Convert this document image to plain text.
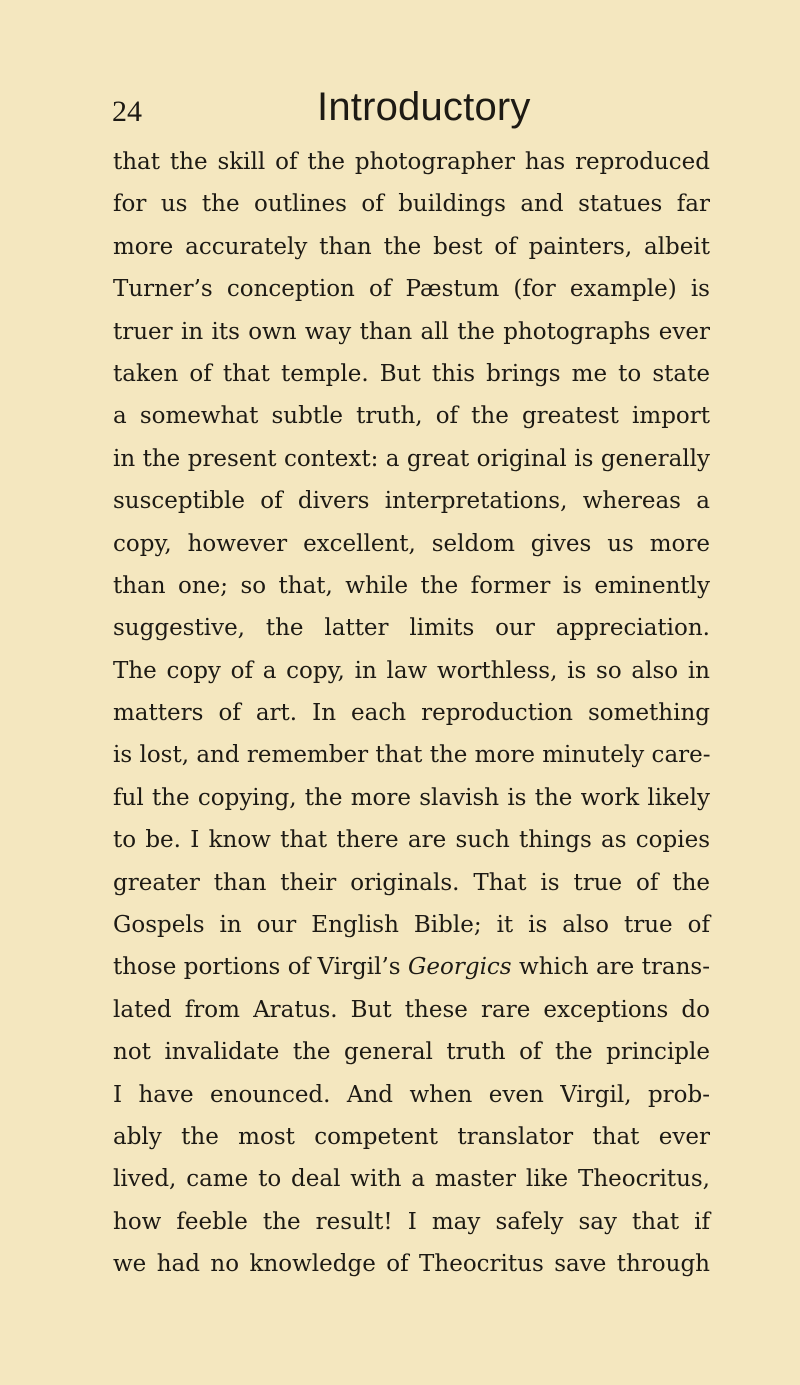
24	Introductory
that the skill of the photographer has reproduced
for us the outlines of buildings and statues far
more accurately than the best of painters, albeit
Turner’s conception of Pæstum (for example) is
truer in its own way than all the photographs ever
taken of that temple. But this brings me to state
a somewhat subtle truth, of the greatest import
in the present context: a great original is generally
susceptible of divers interpretations, whereas a
copy, however excellent, seldom gives us more
than one; so that, while the former is eminently
suggestive, the latter limits our appreciation.
The copy of a copy, in law worthless, is so also in
matters of art. In each reproduction something
is lost, and remember that the more minutely care-
ful the copying, the more slavish is the work likely
to be. I know that there are such things as copies
greater than their originals. That is true of the
Gospels in our English Bible; it is also true of
those portions of Virgil’s Georgics which are trans-
lated from Aratus. But these rare exceptions do
not invalidate the general truth of the principle
I have enounced. And when even Virgil, prob-
ably the most competent translator that ever
lived, came to deal with a master like Theocritus,
how feeble the result! I may safely say that if
we had no knowledge of Theocritus save through
